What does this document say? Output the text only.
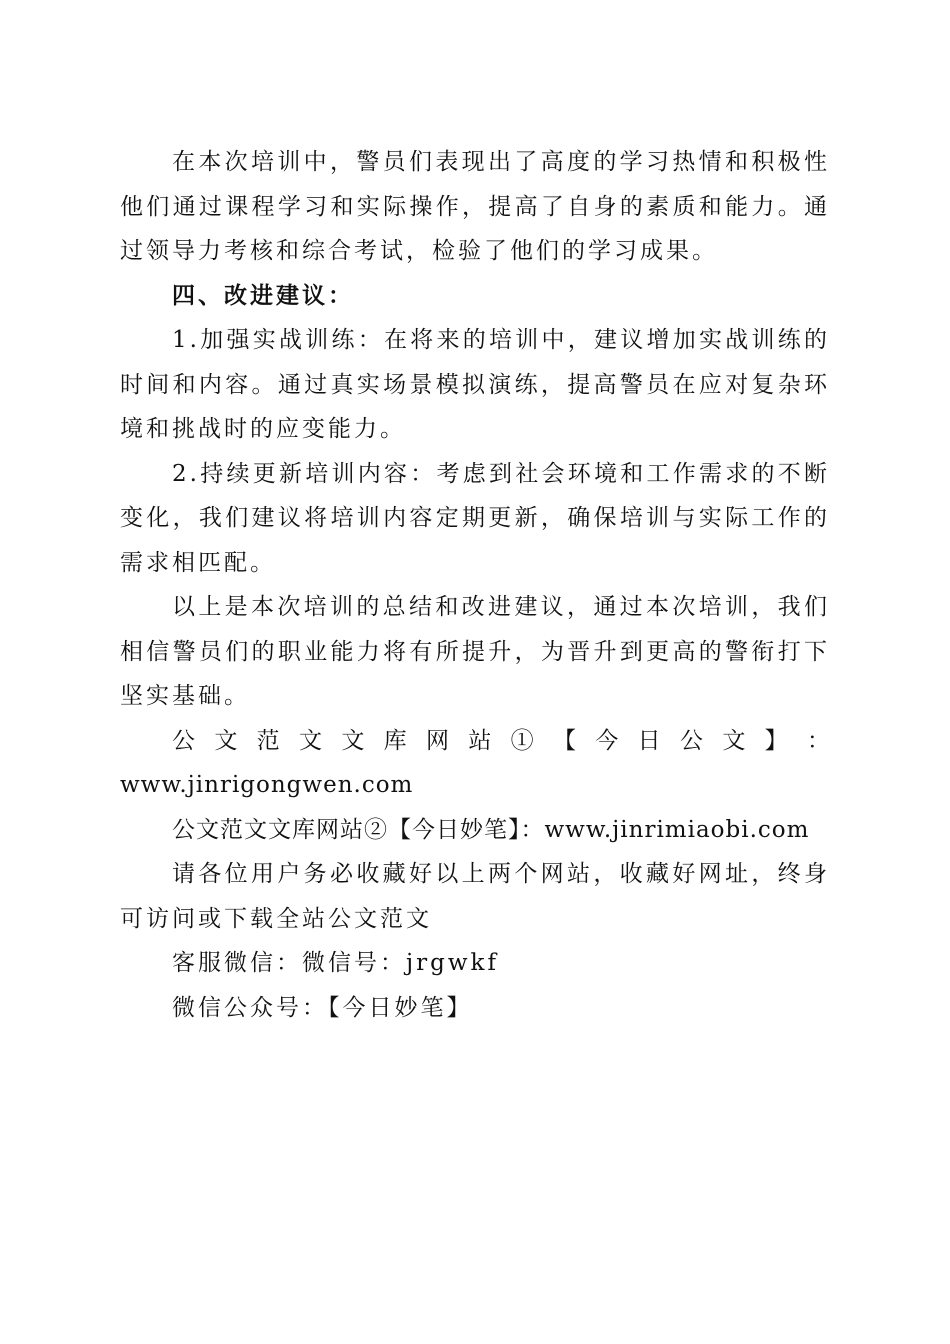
在本次培训中，警员们表现出了高度的学习热情和积极性他们通过课程学习和实际操作，提高了自身的素质和能力。通过领导力考核和综合考试，检验了他们的学习成果。

四、改进建议：

1.加强实战训练：在将来的培训中，建议增加实战训练的时间和内容。通过真实场景模拟演练，提高警员在应对复杂环境和挑战时的应变能力。

2.持续更新培训内容：考虑到社会环境和工作需求的不断变化，我们建议将培训内容定期更新，确保培训与实际工作的需求相匹配。

以上是本次培训的总结和改进建议，通过本次培训，我们相信警员们的职业能力将有所提升，为晋升到更高的警衔打下坚实基础。

公 文 范 文 文 库 网 站 ① 【 今 日 公 文 】 ：

www.jinrigongwen.com

公文范文文库网站②【今日妙笔】：www.jinrimiaobi.com

请各位用户务必收藏好以上两个网站，收藏好网址，终身可访问或下载全站公文范文

客服微信：微信号：jrgwkf

微信公众号：【今日妙笔】
